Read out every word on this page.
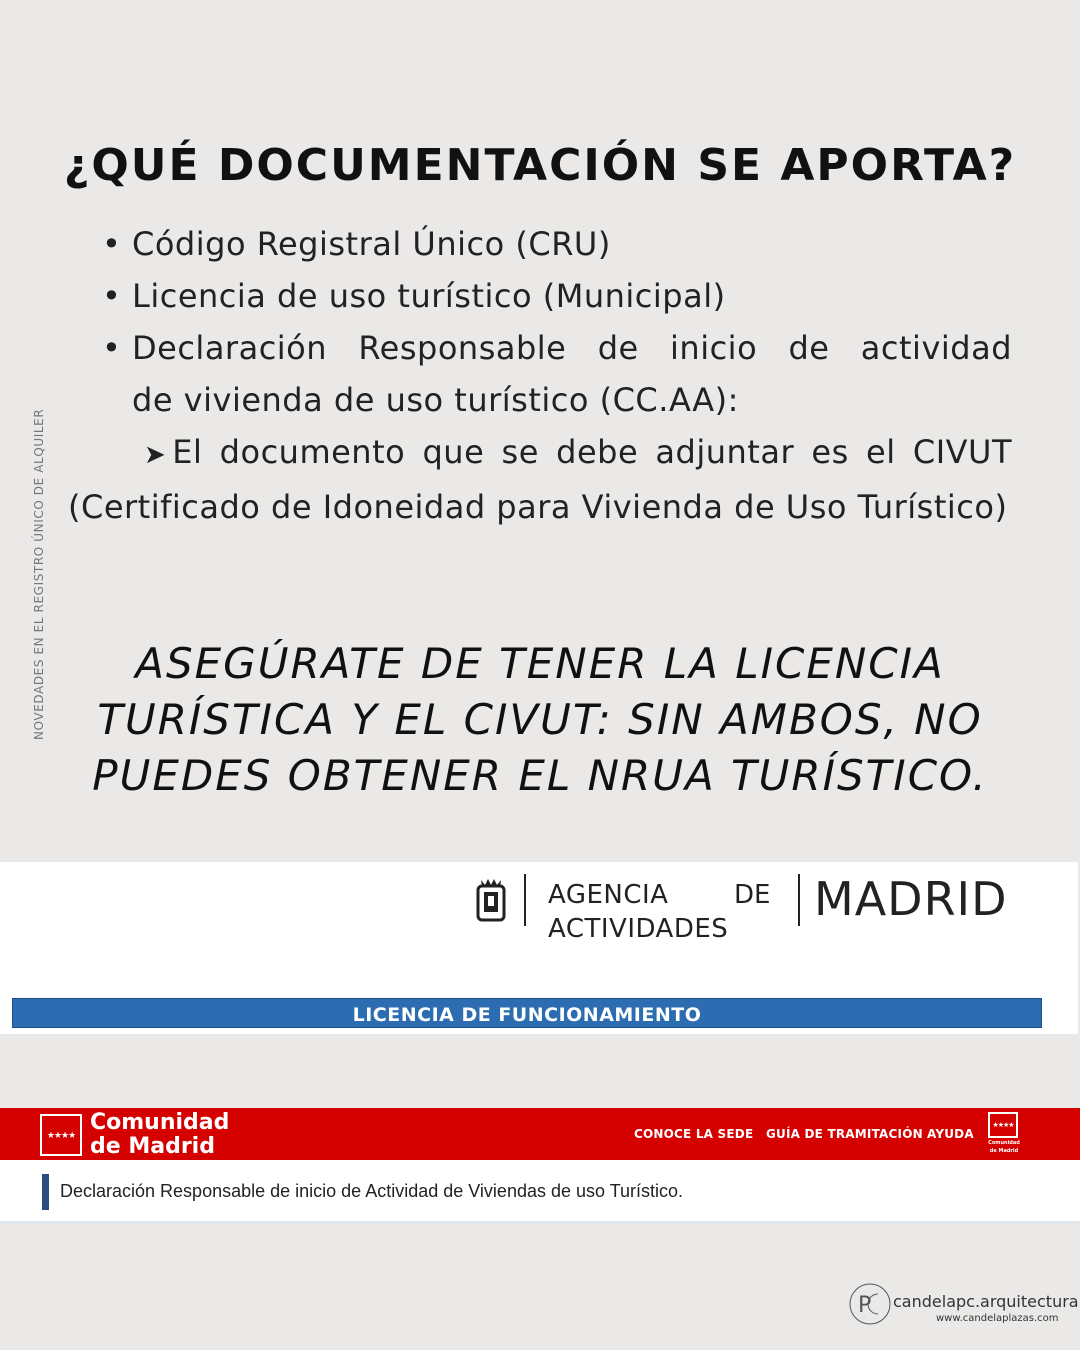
NOVEDADES EN EL REGISTRO ÚNICO DE ALQUILER
¿QUÉ DOCUMENTACIÓN SE APORTA?
• Código Registral Único (CRU)
• Licencia de uso turístico (Municipal)
• Declaración Responsable de inicio de actividad
de vivienda de uso turístico (CC.AA):

➤ El documento que se debe adjuntar es el CIVUT (Certificado de Idoneidad para Vivienda de Uso Turístico)

ASEGÚRATE DE TENER LA LICENCIA
TURÍSTICA Y EL CIVUT: SIN AMBOS, NO
PUEDES OBTENER EL NRUA TURÍSTICO.
AGENCIA	DE
ACTIVIDADES
MADRID
LICENCIA DE FUNCIONAMIENTO
★★★★
Comunidad
de Madrid	CONOCE LA SEDE GUÍA DE TRAMITACIÓN AYUDA
★★★★
Comunidad
de Madrid
Declaración Responsable de inicio de Actividad de Viviendas de uso Turístico.
P candelapc.arquitectura
www.candelaplazas.com
